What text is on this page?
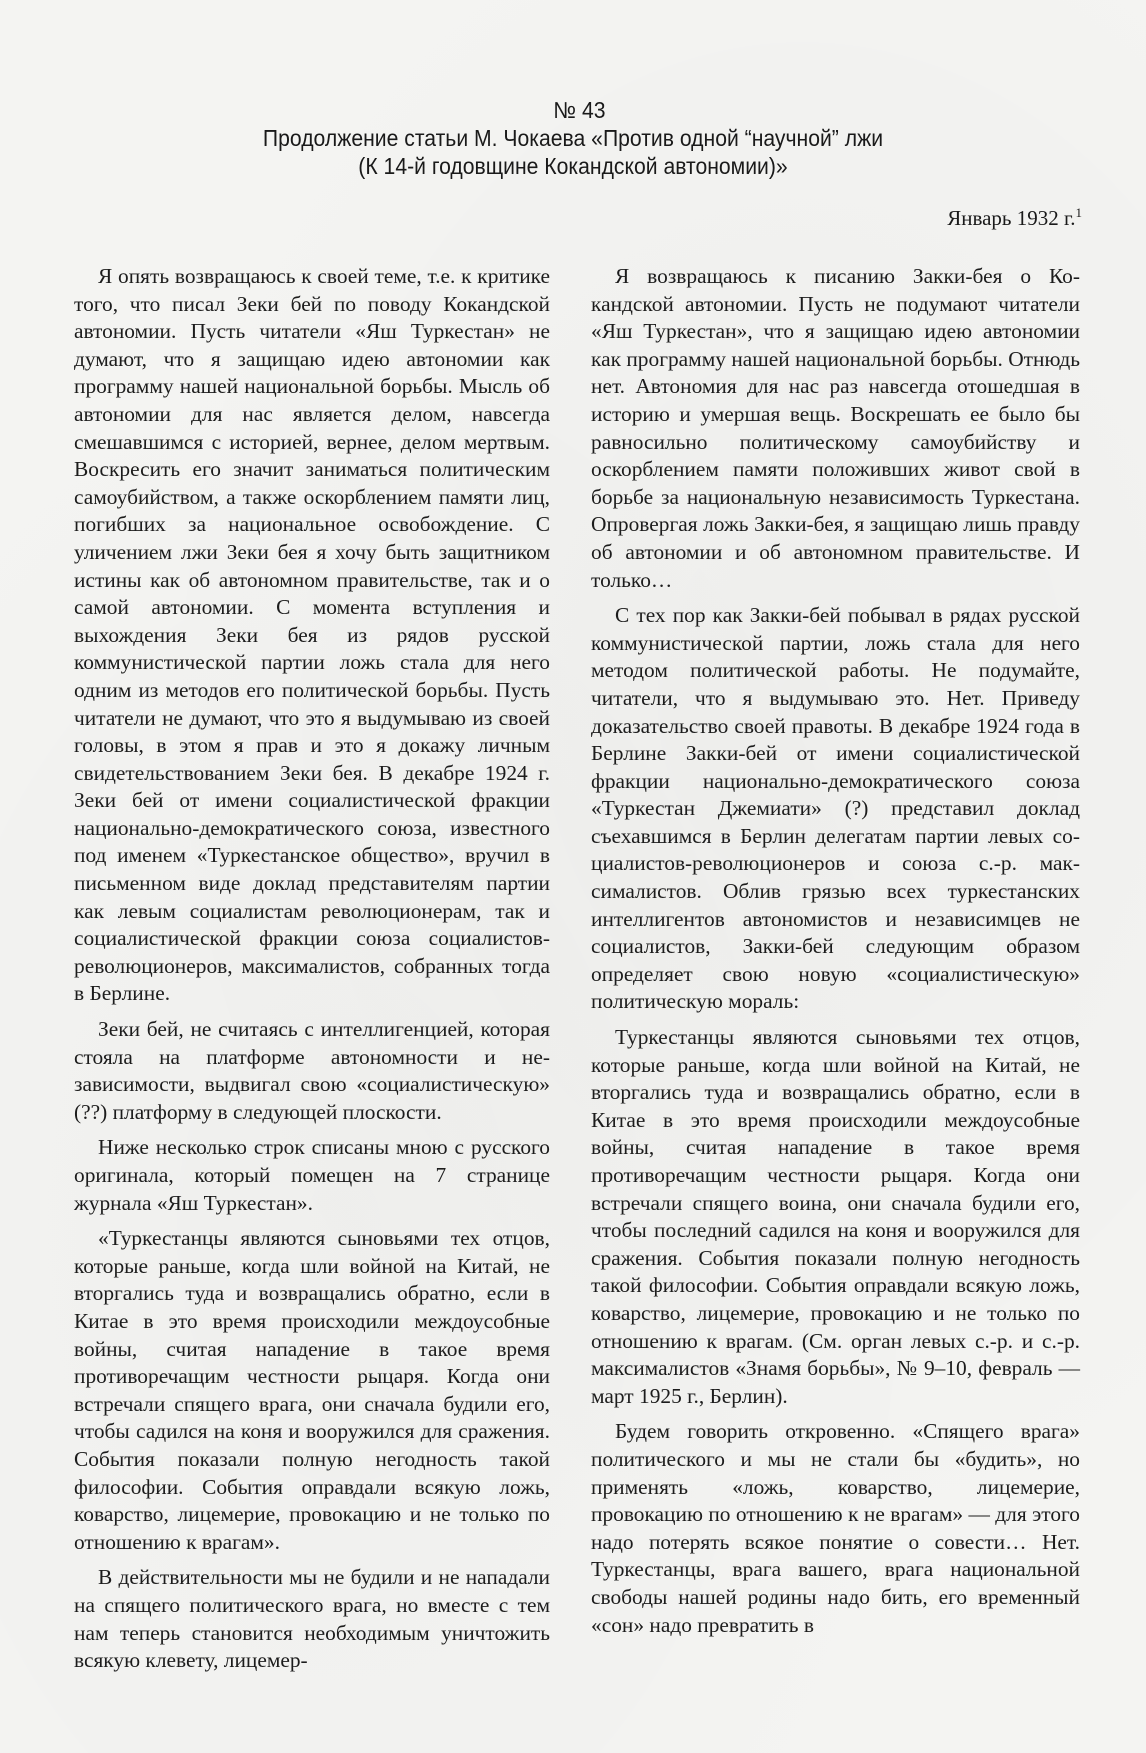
№ 43
Продолжение статьи М. Чокаева «Против одной “научной” лжи
(К 14-й годовщине Кокандской автономии)»
Январь 1932 г.$^1$

Я опять возвращаюсь к своей теме, т.е. к критике того, что писал Зеки бей по поводу Кокандской автономии. Пусть читатели «Яш Туркестан» не думают, что я защищаю идею автономии как программу нашей национальной борьбы. Мысль об автономии для нас является делом, навсегда смешавшимся с историей, вернее, делом мертвым. Воскресить его значит заниматься политическим самоубийством, а также оскорблением памяти лиц, погибших за национальное освобождение. С уличением лжи Зеки бея я хочу быть защитником истины как об автономном правительстве, так и о самой автономии. С момента вступления и выхождения Зеки бея из рядов русской коммунистической партии ложь стала для него одним из методов его политической борьбы. Пусть читатели не думают, что это я выдумываю из своей головы, в этом я прав и это я докажу личным свидетельствованием Зеки бея. В декабре 1924 г. Зеки бей от имени социалистической фракции национально-демократического союза, известного под именем «Туркестанское общество», вручил в письменном виде доклад представителям партии как левым социалистам революционерам, так и социалистической фракции союза социалистов-революционеров, максималистов, собранных тогда в Берлине.

Зеки бей, не считаясь с интеллигенцией, которая стояла на платформе автономности и независимости, выдвигал свою «социалистическую» (??) платформу в следующей плоскости.

Ниже несколько строк списаны мною с русского оригинала, который помещен на 7 странице журнала «Яш Туркестан».

«Туркестанцы являются сыновьями тех отцов, которые раньше, когда шли войной на Китай, не вторгались туда и возвращались обратно, если в Китае в это время происходили междоусобные войны, считая нападение в такое время противоречащим честности рыцаря. Когда они встречали спящего врага, они сначала будили его, чтобы садился на коня и вооружился для сражения. События показали полную негодность такой философии. События оправдали всякую ложь, коварство, лицемерие, провокацию и не только по отношению к врагам».

В действительности мы не будили и не нападали на спящего политического врага, но вместе с тем нам теперь становится необходимым уничтожить всякую клевету, лицемер-

Я возвращаюсь к писанию Закки-бея о Кокандской автономии. Пусть не подумают читатели «Яш Туркестан», что я защищаю идею автономии как программу нашей национальной борьбы. Отнюдь нет. Автономия для нас раз навсегда отошедшая в историю и умершая вещь. Воскрешать ее было бы равносильно политическому самоубийству и оскорблением памяти положивших живот свой в борьбе за национальную независимость Туркестана. Опровергая ложь Закки-бея, я защищаю лишь правду об автономии и об автономном правительстве. И только…

С тех пор как Закки-бей побывал в рядах русской коммунистической партии, ложь стала для него методом политической работы. Не подумайте, читатели, что я выдумываю это. Нет. Приведу доказательство своей правоты. В декабре 1924 года в Берлине Закки-бей от имени социалистической фракции национально-демократического союза «Туркестан Джемиати» (?) представил доклад съехавшимся в Берлин делегатам партии левых социалистов-революционеров и союза с.-р. максималистов. Облив грязью всех туркестанских интеллигентов автономистов и независимцев не социалистов, Закки-бей следующим образом определяет свою новую «социалистическую» политическую мораль:

Туркестанцы являются сыновьями тех отцов, которые раньше, когда шли войной на Китай, не вторгались туда и возвращались обратно, если в Китае в это время происходили междоусобные войны, считая нападение в такое время противоречащим честности рыцаря. Когда они встречали спящего воина, они сначала будили его, чтобы последний садился на коня и вооружился для сражения. События показали полную негодность такой философии. События оправдали всякую ложь, коварство, лицемерие, провокацию и не только по отношению к врагам. (См. орган левых с.-р. и с.-р. максималистов «Знамя борьбы», № 9–10, февраль — март 1925 г., Берлин).

Будем говорить откровенно. «Спящего врага» политического и мы не стали бы «будить», но применять «ложь, коварство, лицемерие, провокацию по отношению к не врагам» — для этого надо потерять всякое понятие о совести… Нет. Туркестанцы, врага вашего, врага национальной свободы нашей родины надо бить, его временный «сон» надо превратить в
